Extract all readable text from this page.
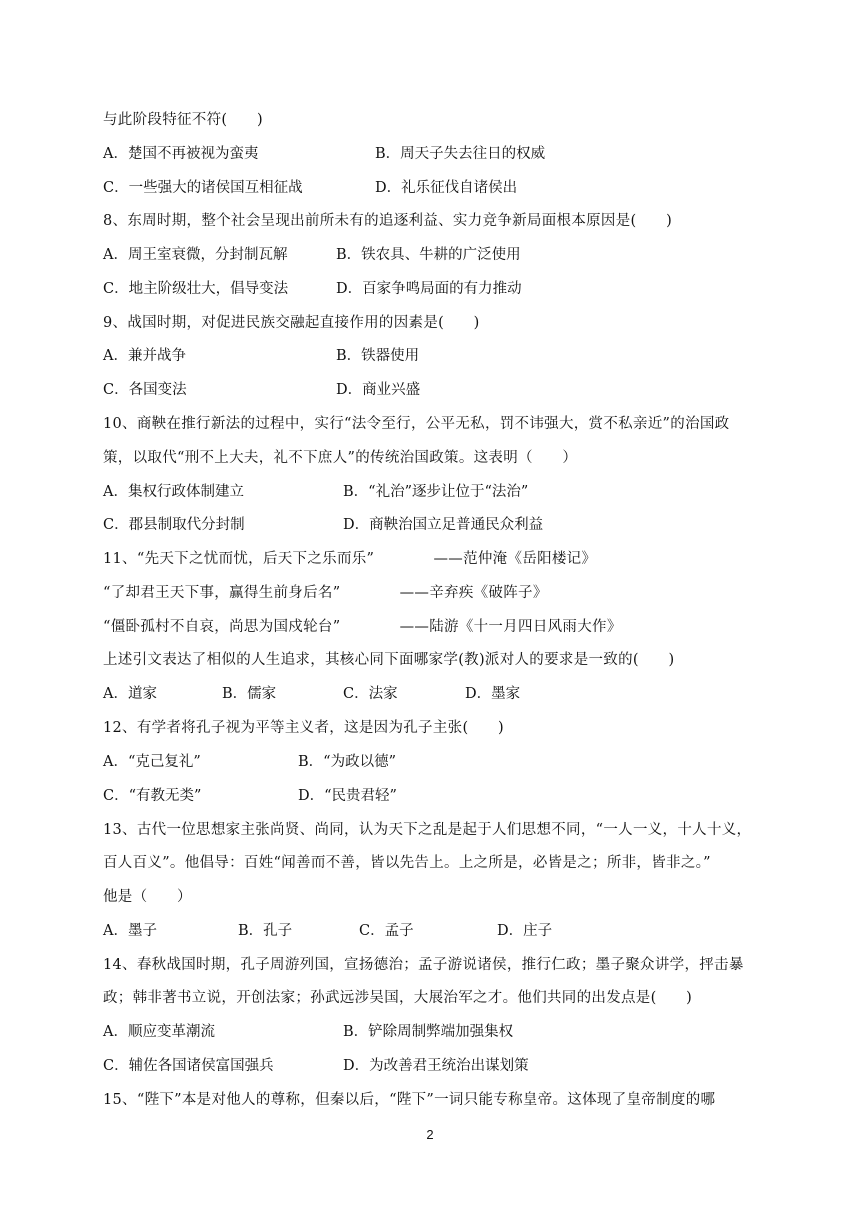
与此阶段特征不符(　　)
A．楚国不再被视为蛮夷	B．周天子失去往日的权威
C．一些强大的诸侯国互相征战	D．礼乐征伐自诸侯出
8、东周时期，整个社会呈现出前所未有的追逐利益、实力竞争新局面根本原因是(　　)
A．周王室衰微，分封制瓦解	B．铁农具、牛耕的广泛使用
C．地主阶级壮大，倡导变法	D．百家争鸣局面的有力推动
9、战国时期，对促进民族交融起直接作用的因素是(　　)
A．兼并战争	B．铁器使用
C．各国变法	D．商业兴盛
10、商鞅在推行新法的过程中，实行“法令至行，公平无私，罚不讳强大，赏不私亲近”的治国政
策，以取代“刑不上大夫，礼不下庶人”的传统治国政策。这表明（　　）
A．集权行政体制建立	B．“礼治”逐步让位于“法治”
C．郡县制取代分封制	D．商鞅治国立足普通民众利益
11、“先天下之忧而忧，后天下之乐而乐”　　　　——范仲淹《岳阳楼记》
“了却君王天下事，赢得生前身后名”　　　　——辛弃疾《破阵子》
“僵卧孤村不自哀，尚思为国戍轮台”　　　　——陆游《十一月四日风雨大作》
上述引文表达了相似的人生追求，其核心同下面哪家学(教)派对人的要求是一致的(　　)
A．道家	B．儒家	C．法家	D．墨家
12、有学者将孔子视为平等主义者，这是因为孔子主张(　　)
A．“克己复礼”	B．“为政以德”
C．“有教无类”	D．“民贵君轻”
13、古代一位思想家主张尚贤、尚同，认为天下之乱是起于人们思想不同，“一人一义，十人十义，
百人百义”。他倡导：百姓“闻善而不善，皆以先告上。上之所是，必皆是之；所非，皆非之。”
他是（　　）
A．墨子	B．孔子	C．孟子	D．庄子
14、春秋战国时期，孔子周游列国，宣扬德治；孟子游说诸侯，推行仁政；墨子聚众讲学，抨击暴
政；韩非著书立说，开创法家；孙武远涉吴国，大展治军之才。他们共同的出发点是(　　)
A．顺应变革潮流	B．铲除周制弊端加强集权
C．辅佐各国诸侯富国强兵	D．为改善君王统治出谋划策
15、“陛下”本是对他人的尊称，但秦以后，“陛下”一词只能专称皇帝。这体现了皇帝制度的哪
2
